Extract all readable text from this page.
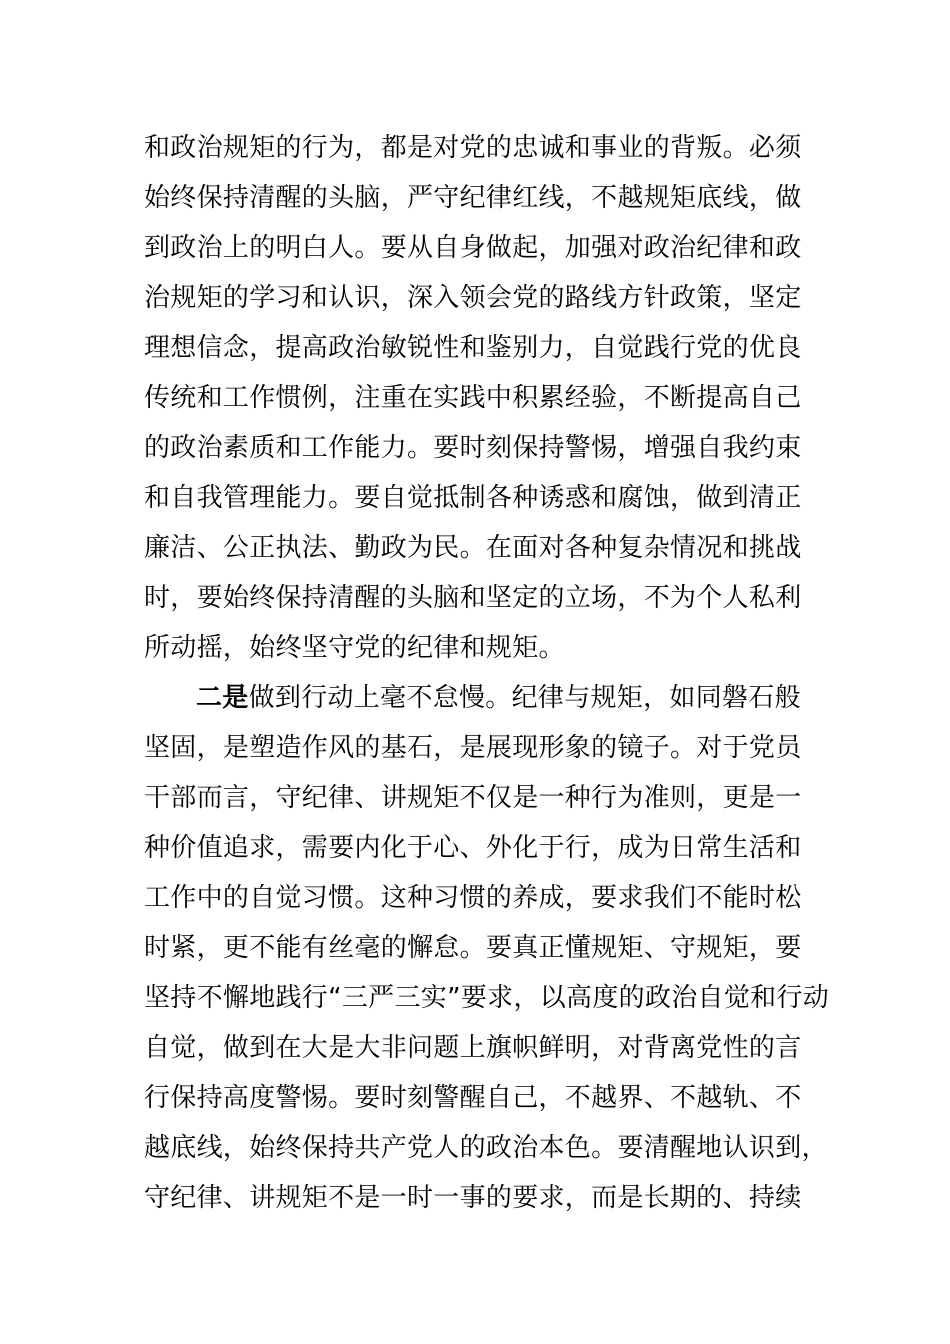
和政治规矩的行为，都是对党的忠诚和事业的背叛。必须
始终保持清醒的头脑，严守纪律红线，不越规矩底线，做
到政治上的明白人。要从自身做起，加强对政治纪律和政
治规矩的学习和认识，深入领会党的路线方针政策，坚定
理想信念，提高政治敏锐性和鉴别力，自觉践行党的优良
传统和工作惯例，注重在实践中积累经验，不断提高自己
的政治素质和工作能力。要时刻保持警惕，增强自我约束
和自我管理能力。要自觉抵制各种诱惑和腐蚀，做到清正
廉洁、公正执法、勤政为民。在面对各种复杂情况和挑战
时，要始终保持清醒的头脑和坚定的立场，不为个人私利
所动摇，始终坚守党的纪律和规矩。
二是做到行动上毫不怠慢。纪律与规矩，如同磐石般
坚固，是塑造作风的基石，是展现形象的镜子。对于党员
干部而言，守纪律、讲规矩不仅是一种行为准则，更是一
种价值追求，需要内化于心、外化于行，成为日常生活和
工作中的自觉习惯。这种习惯的养成，要求我们不能时松
时紧，更不能有丝毫的懈怠。要真正懂规矩、守规矩，要
坚持不懈地践行“三严三实”要求，以高度的政治自觉和行动
自觉，做到在大是大非问题上旗帜鲜明，对背离党性的言
行保持高度警惕。要时刻警醒自己，不越界、不越轨、不
越底线，始终保持共产党人的政治本色。要清醒地认识到，
守纪律、讲规矩不是一时一事的要求，而是长期的、持续
